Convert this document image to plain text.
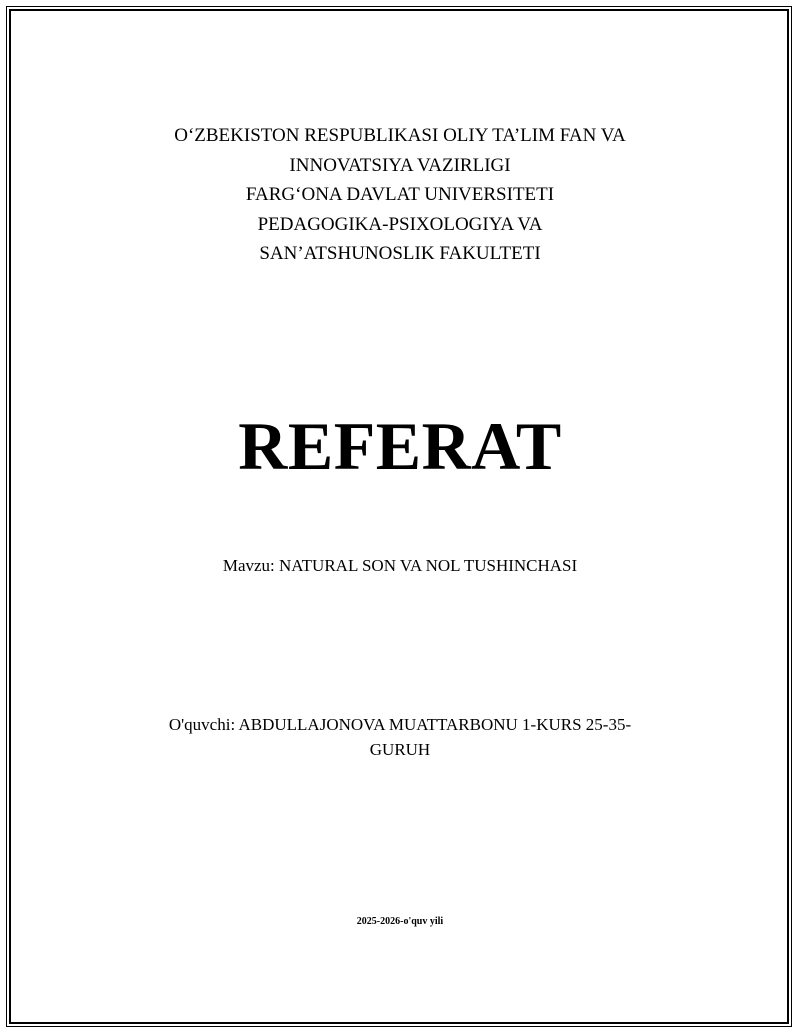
O‘ZBEKISTON RESPUBLIKASI OLIY TA’LIM FAN VA
INNOVATSIYA VAZIRLIGI
FARG‘ONA DAVLAT UNIVERSITETI
PEDAGOGIKA-PSIXOLOGIYA VA
SAN’ATSHUNOSLIK FAKULTETI
REFERAT
Mavzu: NATURAL SON VA NOL TUSHINCHASI
O'quvchi: ABDULLAJONOVA MUATTARBONU 1-KURS 25-35-
GURUH
2025-2026-o'quv yili
